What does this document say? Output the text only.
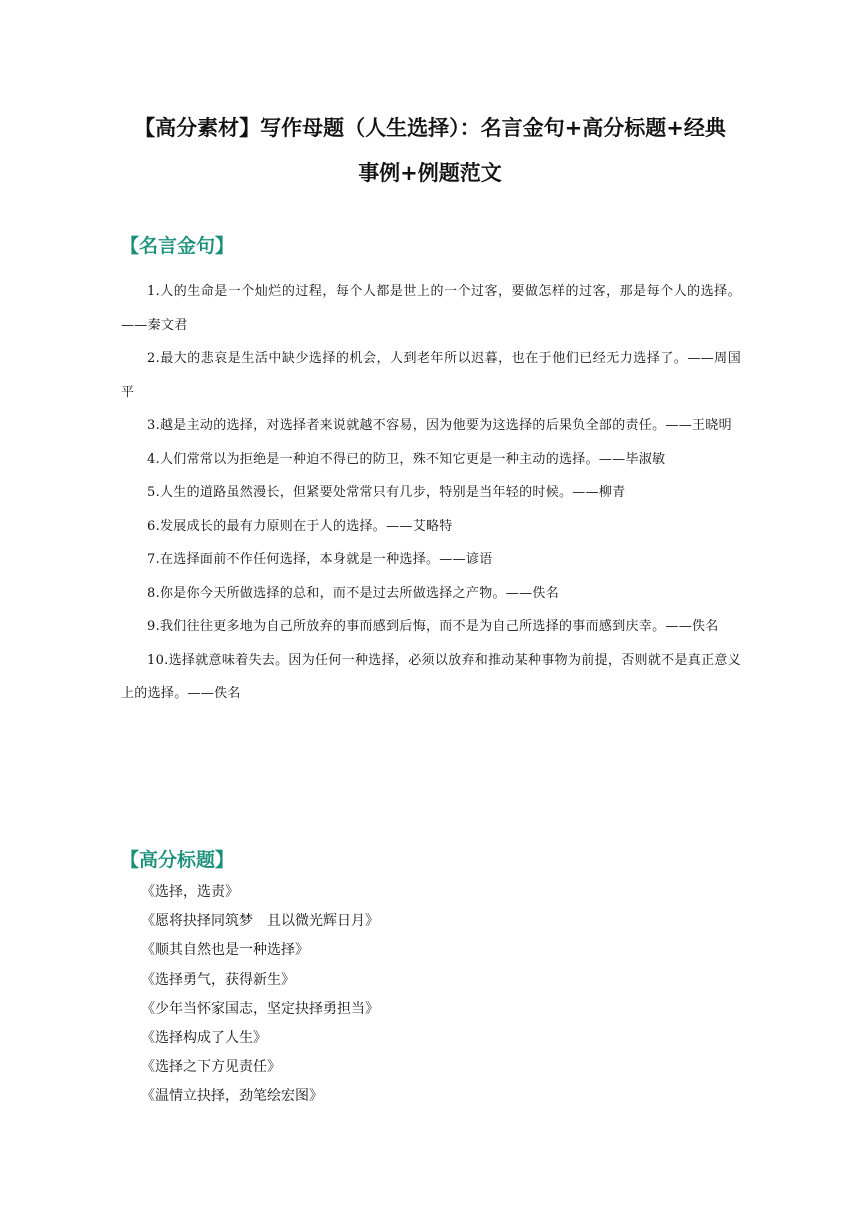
【高分素材】写作母题（人生选择）：名言金句+高分标题+经典
事例+例题范文
【名言金句】
1.人的生命是一个灿烂的过程，每个人都是世上的一个过客，要做怎样的过客，那是每个人的选择。——秦文君
2.最大的悲哀是生活中缺少选择的机会，人到老年所以迟暮，也在于他们已经无力选择了。——周国平
3.越是主动的选择，对选择者来说就越不容易，因为他要为这选择的后果负全部的责任。——王晓明
4.人们常常以为拒绝是一种迫不得已的防卫，殊不知它更是一种主动的选择。——毕淑敏
5.人生的道路虽然漫长，但紧要处常常只有几步，特别是当年轻的时候。——柳青
6.发展成长的最有力原则在于人的选择。——艾略特
7.在选择面前不作任何选择，本身就是一种选择。——谚语
8.你是你今天所做选择的总和，而不是过去所做选择之产物。——佚名
9.我们往往更多地为自己所放弃的事而感到后悔，而不是为自己所选择的事而感到庆幸。——佚名
10.选择就意味着失去。因为任何一种选择，必须以放弃和推动某种事物为前提，否则就不是真正意义上的选择。——佚名
【高分标题】
《选择，选责》
《愿将抉择同筑梦　且以微光辉日月》
《顺其自然也是一种选择》
《选择勇气，获得新生》
《少年当怀家国志，坚定抉择勇担当》
《选择构成了人生》
《选择之下方见责任》
《温情立抉择，劲笔绘宏图》
